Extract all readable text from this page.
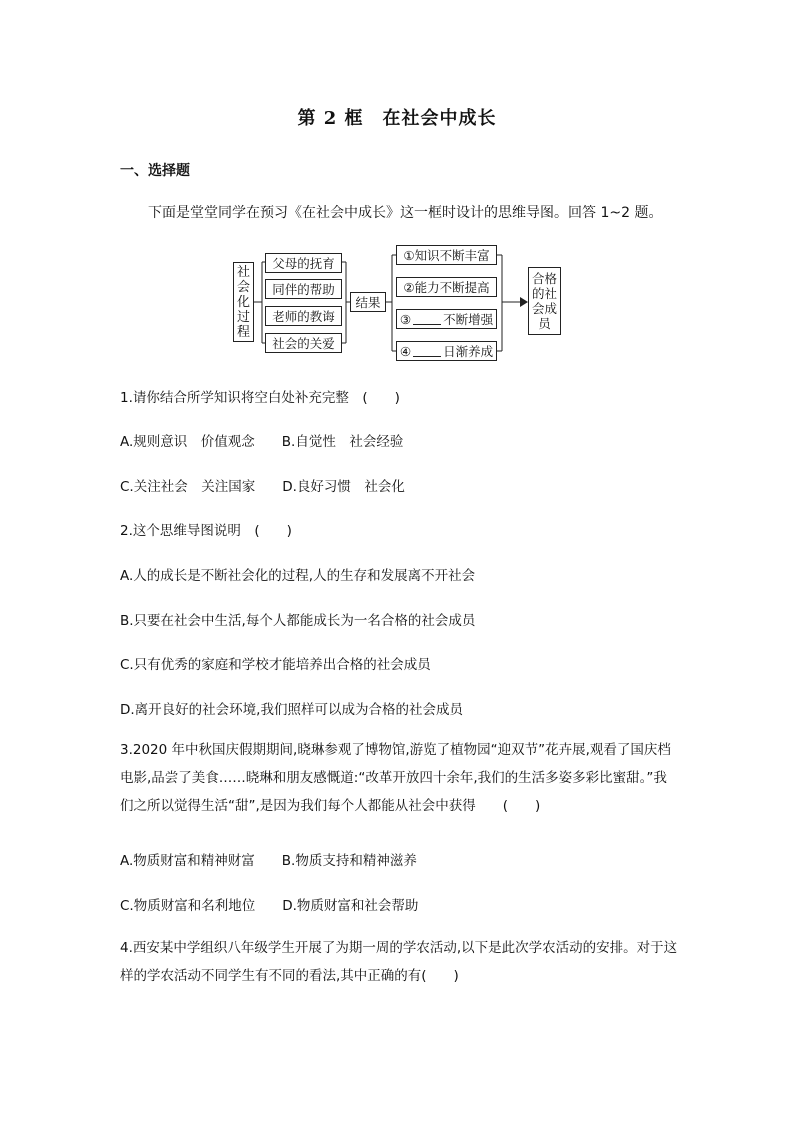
第 2 框　在社会中成长
一、选择题
下面是堂堂同学在预习《在社会中成长》这一框时设计的思维导图。回答 1~2 题。
社
会
化
过
程
父母的抚育
同伴的帮助
老师的教诲
社会的关爱
结果
①知识不断丰富
②能力不断提高
③	不断增强
④	日渐养成
合格
的社
会成
员
1.请你结合所学知识将空白处补充完整　(　　)
A.规则意识　价值观念　　B.自觉性　社会经验
C.关注社会　关注国家　　D.良好习惯　社会化
2.这个思维导图说明　(　　)
A.人的成长是不断社会化的过程,人的生存和发展离不开社会
B.只要在社会中生活,每个人都能成长为一名合格的社会成员
C.只有优秀的家庭和学校才能培养出合格的社会成员
D.离开良好的社会环境,我们照样可以成为合格的社会成员
3.2020 年中秋国庆假期期间,晓琳参观了博物馆,游览了植物园“迎双节”花卉展,观看了国庆档电影,品尝了美食……晓琳和朋友感慨道:“改革开放四十余年,我们的生活多姿多彩比蜜甜。”我们之所以觉得生活“甜”,是因为我们每个人都能从社会中获得　　(　　)
A.物质财富和精神财富　　B.物质支持和精神滋养
C.物质财富和名利地位　　D.物质财富和社会帮助
4.西安某中学组织八年级学生开展了为期一周的学农活动,以下是此次学农活动的安排。对于这样的学农活动不同学生有不同的看法,其中正确的有(　　)
